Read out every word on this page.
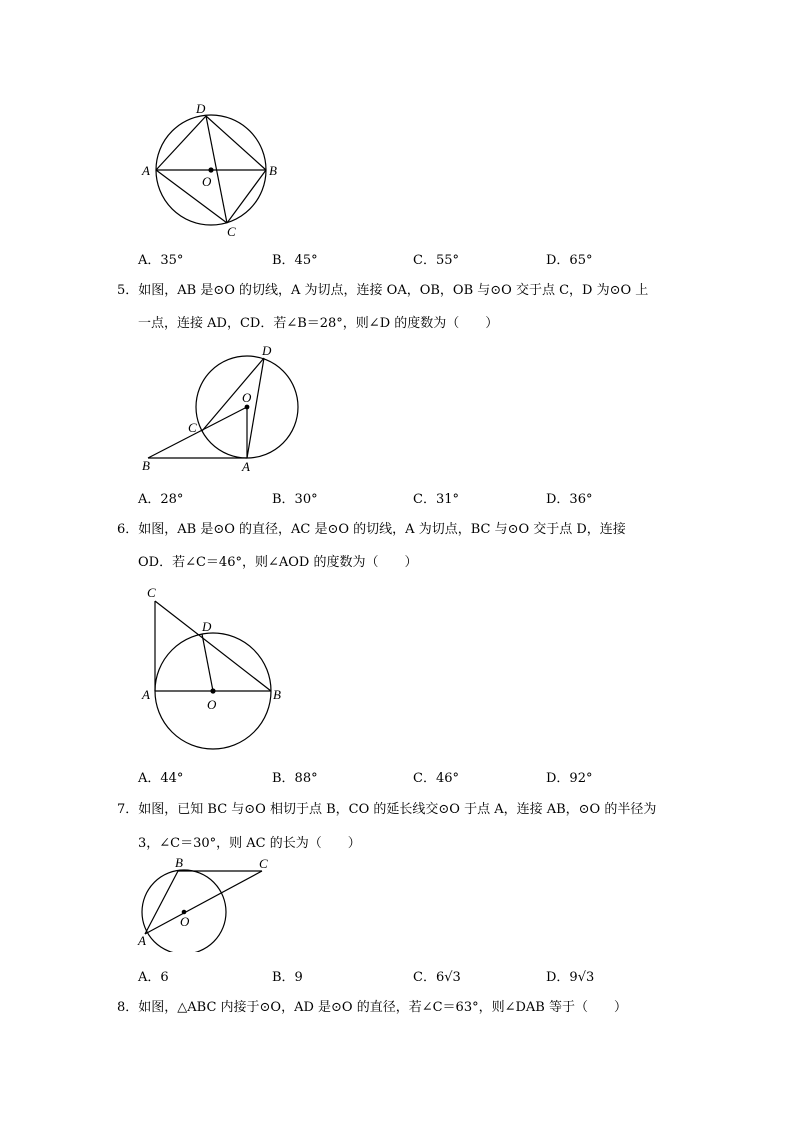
D
A	B
O
C
A．35°	B．45°	C．55°	D．65°
5．如图，AB 是⊙O 的切线，A 为切点，连接 OA，OB，OB 与⊙O 交于点 C，D 为⊙O 上
一点，连接 AD，CD．若∠B＝28°，则∠D 的度数为（　　）
D
O
C
B	A
A．28°	B．30°	C．31°	D．36°
6．如图，AB 是⊙O 的直径，AC 是⊙O 的切线，A 为切点，BC 与⊙O 交于点 D，连接
OD．若∠C＝46°，则∠AOD 的度数为（　　）
C
D
A	B
O
A．44°	B．88°	C．46°	D．92°
7．如图，已知 BC 与⊙O 相切于点 B，CO 的延长线交⊙O 于点 A，连接 AB，⊙O 的半径为
3，∠C＝30°，则 AC 的长为（　　）
B	C
O
A
A．6	B．9	C．6√3	D．9√3
8．如图，△ABC 内接于⊙O，AD 是⊙O 的直径，若∠C＝63°，则∠DAB 等于（　　）
